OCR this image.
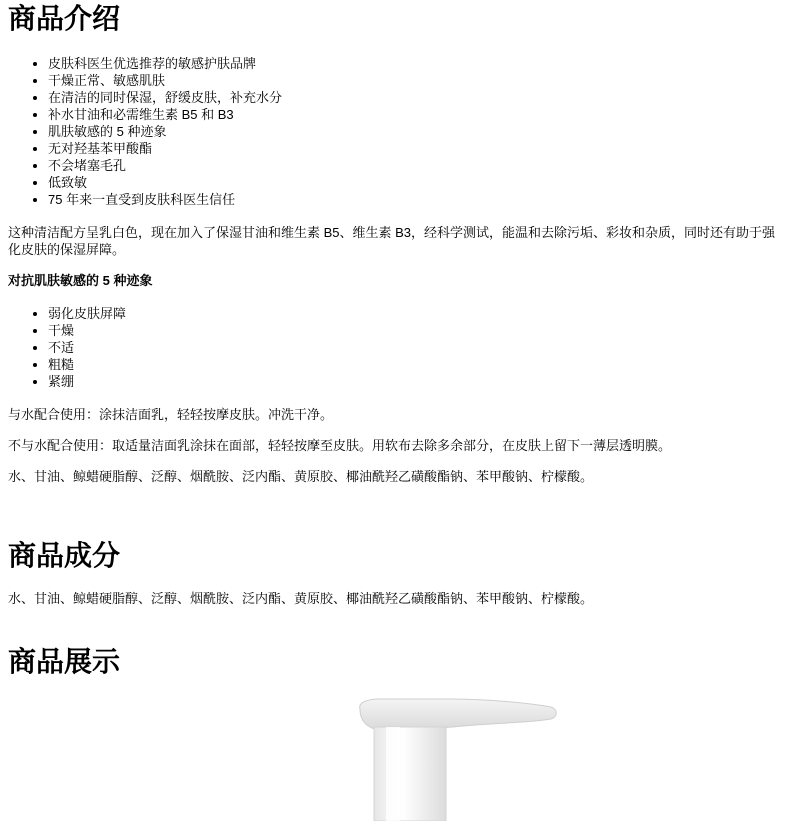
商品介绍
• 皮肤科医生优选推荐的敏感护肤品牌
• 干燥正常、敏感肌肤
• 在清洁的同时保湿，舒缓皮肤，补充水分
• 补水甘油和必需维生素 B5 和 B3
• 肌肤敏感的 5 种迹象
• 无对羟基苯甲酸酯
• 不会堵塞毛孔
• 低致敏
• 75 年来一直受到皮肤科医生信任

这种清洁配方呈乳白色，现在加入了保湿甘油和维生素 B5、维生素 B3，经科学测试，能温和去除污垢、彩妆和杂质，同时还有助于强化皮肤的保湿屏障。

对抗肌肤敏感的 5 种迹象

• 弱化皮肤屏障
• 干燥
• 不适
• 粗糙
• 紧绷

与水配合使用：涂抹洁面乳，轻轻按摩皮肤。冲洗干净。

不与水配合使用：取适量洁面乳涂抹在面部，轻轻按摩至皮肤。用软布去除多余部分，在皮肤上留下一薄层透明膜。

水、甘油、鲸蜡硬脂醇、泛醇、烟酰胺、泛内酯、黄原胶、椰油酰羟乙磺酸酯钠、苯甲酸钠、柠檬酸。

商品成分

水、甘油、鲸蜡硬脂醇、泛醇、烟酰胺、泛内酯、黄原胶、椰油酰羟乙磺酸酯钠、苯甲酸钠、柠檬酸。

商品展示
